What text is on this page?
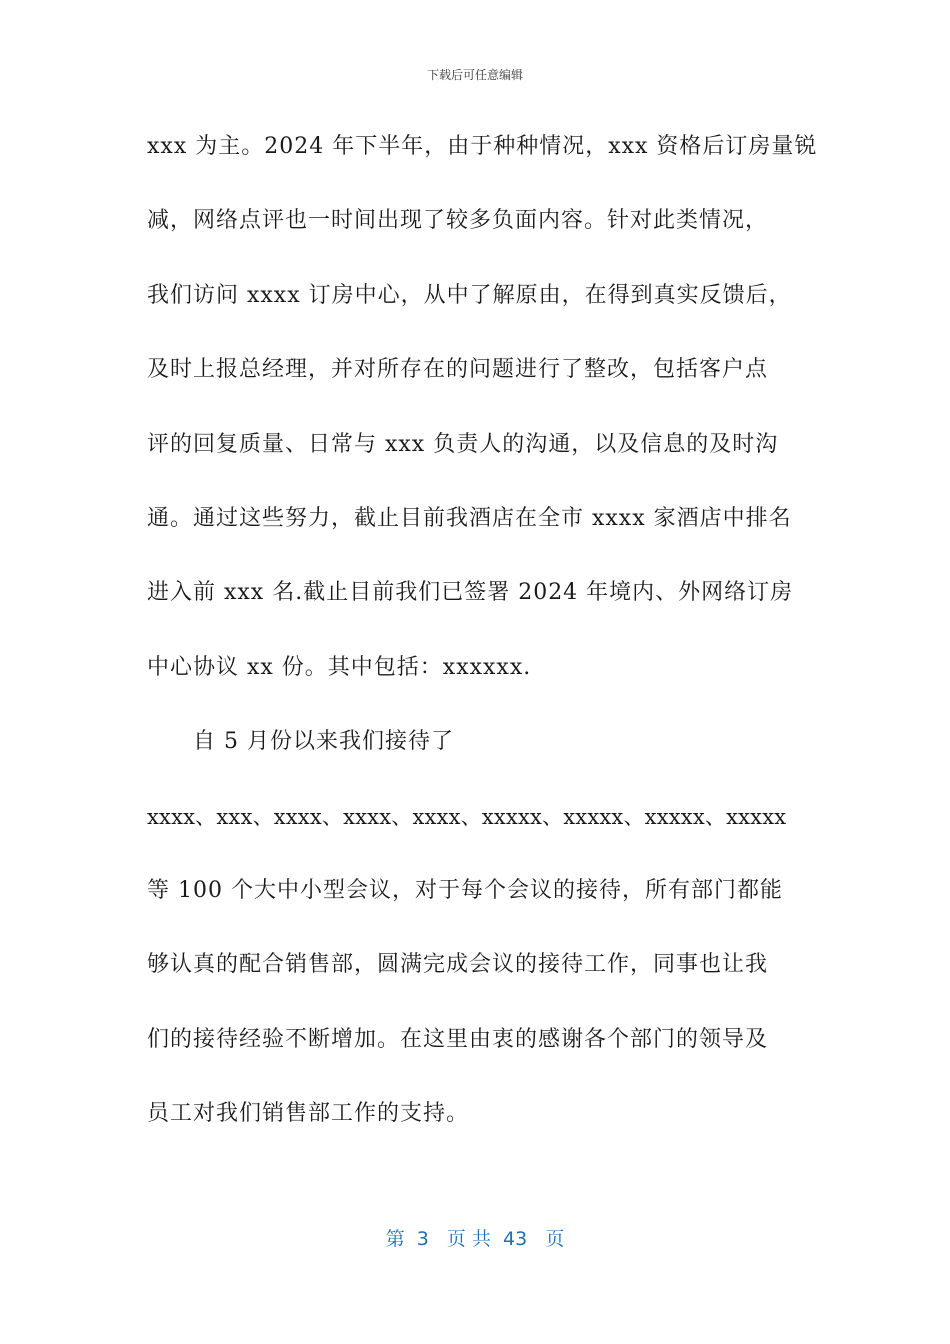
下载后可任意编辑
xxx 为主。2024 年下半年，由于种种情况，xxx 资格后订房量锐
减，网络点评也一时间出现了较多负面内容。针对此类情况，
我们访问 xxxx 订房中心，从中了解原由，在得到真实反馈后，
及时上报总经理，并对所存在的问题进行了整改，包括客户点
评的回复质量、日常与 xxx 负责人的沟通，以及信息的及时沟
通。通过这些努力，截止目前我酒店在全市 xxxx 家酒店中排名
进入前 xxx 名.截止目前我们已签署 2024 年境内、外网络订房
中心协议 xx 份。其中包括：xxxxxx.
自 5 月份以来我们接待了
xxxx、xxx、xxxx、xxxx、xxxx、xxxxx、xxxxx、xxxxx、xxxxx
等 100 个大中小型会议，对于每个会议的接待，所有部门都能
够认真的配合销售部，圆满完成会议的接待工作，同事也让我
们的接待经验不断增加。在这里由衷的感谢各个部门的领导及
员工对我们销售部工作的支持。
第  3   页 共  43   页
